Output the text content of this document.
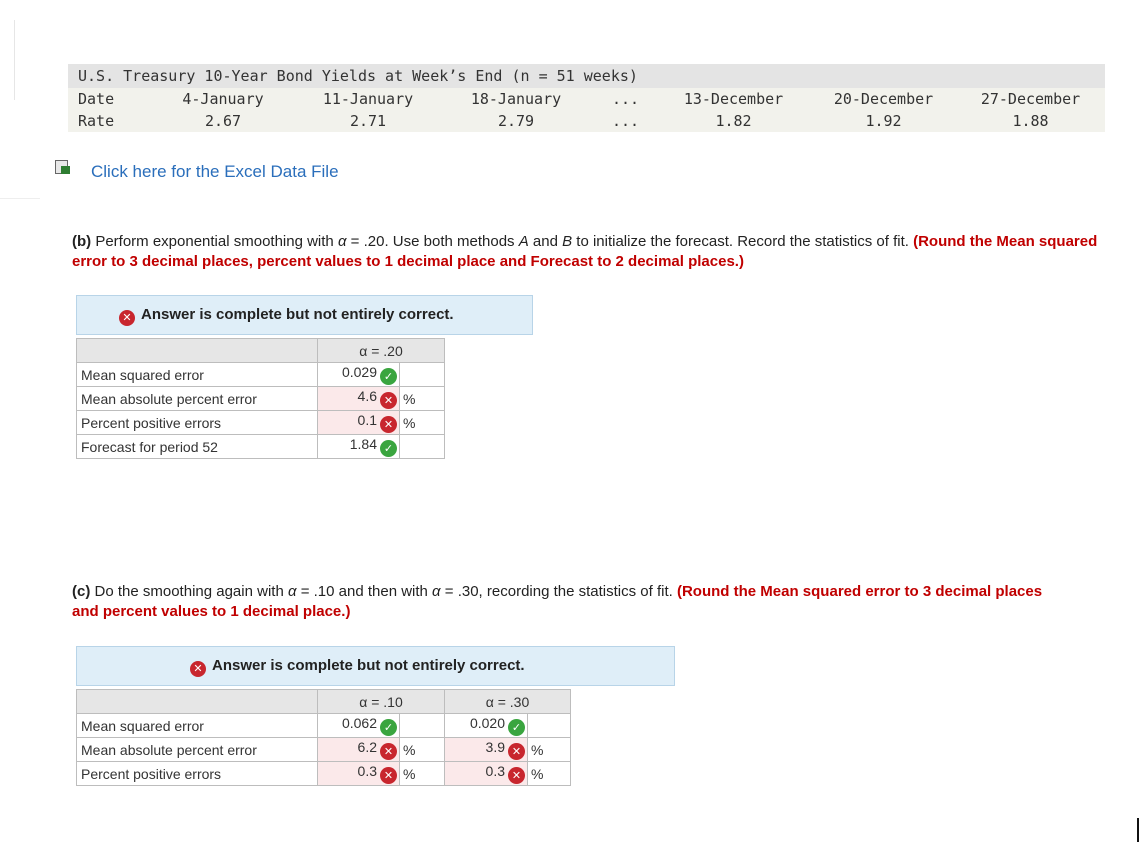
U.S. Treasury 10-Year Bond Yields at Week’s End (n = 51 weeks)
Date	4-January	11-January	18-January	...	13-December	20-December	27-December
Rate	2.67	2.71	2.79	...	1.82	1.92	1.88
Click here for the Excel Data File
(b) Perform exponential smoothing with α = .20. Use both methods A and B to initialize the forecast. Record the statistics of fit. (Round the Mean squared error to 3 decimal places, percent values to 1 decimal place and Forecast to 2 decimal places.)
✕ Answer is complete but not entirely correct.
	α = .20	
Mean squared error	0.029 ✓	
Mean absolute percent error	4.6 ✕	%
Percent positive errors	0.1 ✕	%
Forecast for period 52	1.84 ✓	
(c) Do the smoothing again with α = .10 and then with α = .30, recording the statistics of fit. (Round the Mean squared error to 3 decimal places and percent values to 1 decimal place.)
✕ Answer is complete but not entirely correct.
	α = .10		α = .30	
Mean squared error	0.062 ✓		0.020 ✓	
Mean absolute percent error	6.2 ✕	%	3.9 ✕	%
Percent positive errors	0.3 ✕	%	0.3 ✕	%
